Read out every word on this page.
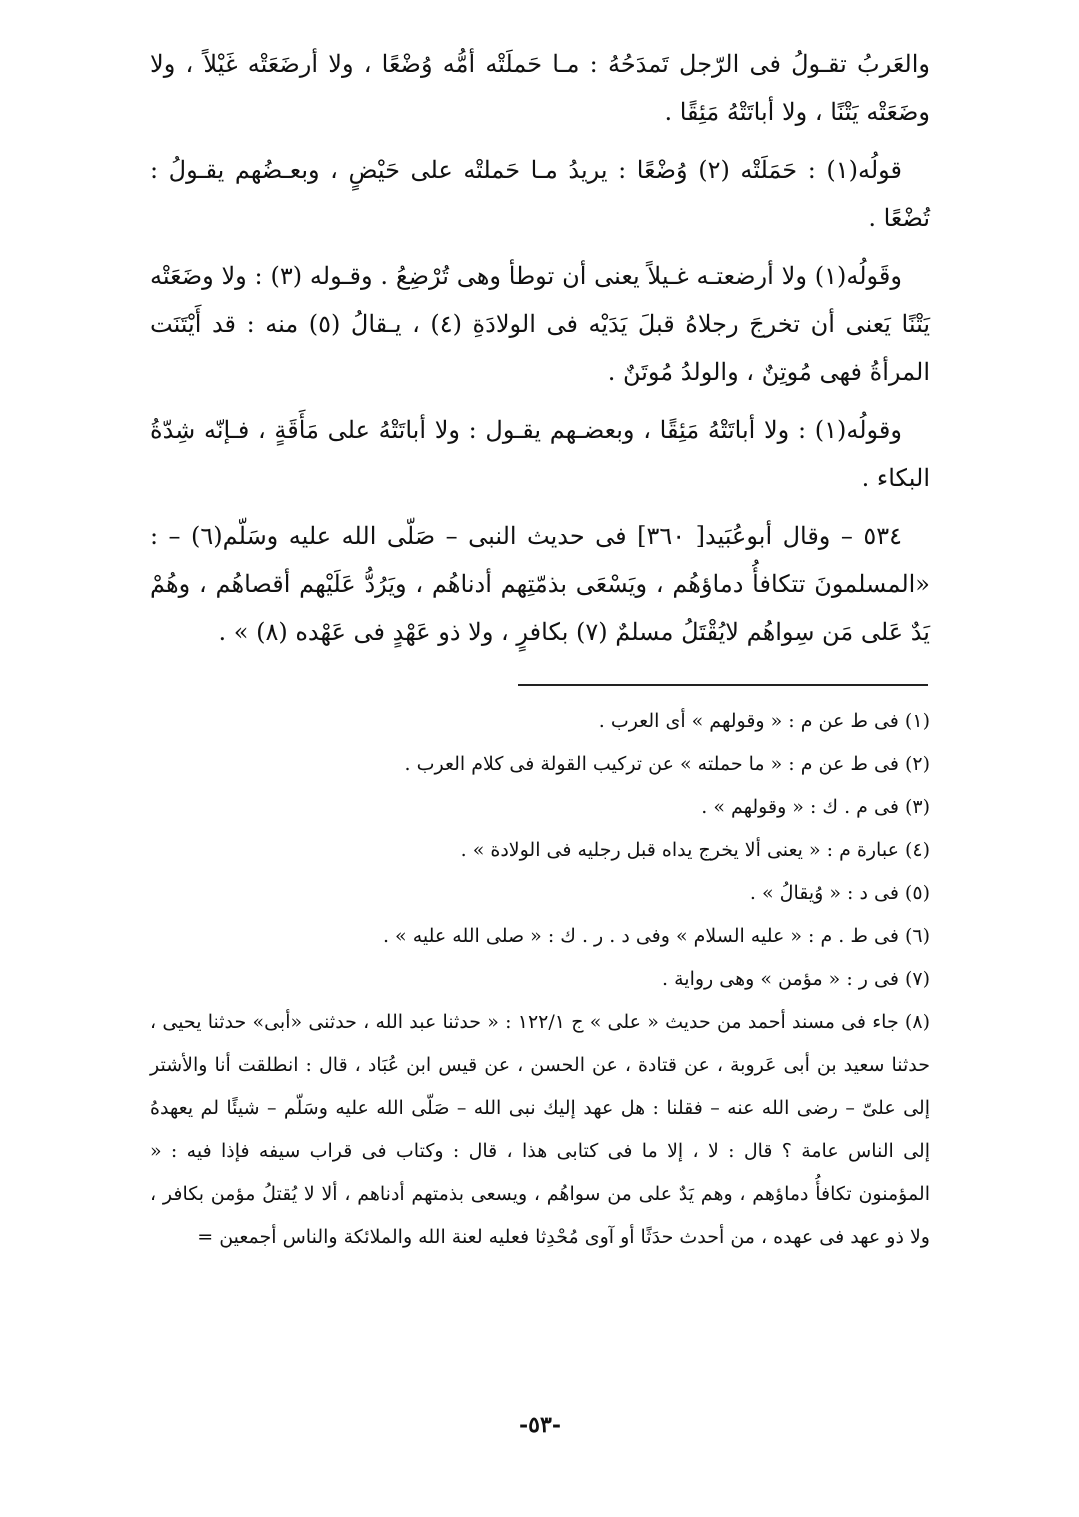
والعَربُ تقـولُ فى الرّجل تَمدَحُهُ : مـا حَملَتْه أمُّه وُضْعًا ، ولا أرضَعَتْه غَيْلاً ، ولا وضَعَتْه يَتْنًا ، ولا أباتَتْهُ مَئِقًا .

قولُه(١) : حَمَلَتْه (٢) وُضْعًا : يريدُ مـا حَملتْه على حَيْضٍ ، وبعـضُهم يقـولُ : تُضْعًا .

وقَولُه(١) ولا أرضعتـه غـيلاً يعنى أن توطأ وهى تُرْضِعُ . وقـوله (٣) : ولا وضَعَتْه يَتْنًا يَعنى أن تخرجَ رجلاهُ قبلَ يَدَيْه فى الولادَةِ (٤) ، يـقالُ (٥) منه : قد أَيْتَنَت المرأةُ فهى مُوتِنٌ ، والولدُ مُوتَنٌ .

وقولُه(١) : ولا أباتَتْهُ مَئِقًا ، وبعضـهم يقـول : ولا أباتَتْهُ على مَأَقَةٍ ، فـإنّه شِدّةُ البكاء .

٥٣٤ – وقال أبوعُبَيد[ ٣٦٠] فى حديث النبى – صَلّى الله عليه وسَلّم(٦) – : «المسلمونَ تتكافأُ دماؤهُم ، ويَسْعَى بذمّتِهم أدناهُم ، ويَرُدُّ عَلَيْهم أقصاهُم ، وهُمْ يَدٌ عَلى مَن سِواهُم لايُقْتَلُ مسلمٌ (٧) بكافرٍ ، ولا ذو عَهْدٍ فى عَهْده (٨) » .

(١) فى ط عن م : « وقولهم » أى العرب .

(٢) فى ط عن م : « ما حملته » عن تركيب القولة فى كلام العرب .

(٣) فى م . ك : « وقولهم » .

(٤) عبارة م : « يعنى ألا يخرج يداه قبل رجليه فى الولادة » .

(٥) فى د : « وُيقالُ » .

(٦) فى ط . م : « عليه السلام » وفى د . ر . ك : « صلى الله عليه » .

(٧) فى ر : « مؤمن » وهى رواية .

(٨) جاء فى مسند أحمد من حديث « على » ج ١٢٢/١ : « حدثنا عبد الله ، حدثنى «أبى» حدثنا يحيى ، حدثنا سعيد بن أبى عَروبة ، عن قتادة ، عن الحسن ، عن قيس ابن عُبَاد ، قال : انطلقت أنا والأشتر إلى علىّ – رضى الله عنه – فقلنا : هل عهد إليك نبى الله – صَلّى الله عليه وسَلّم – شيئًا لم يعهدهُ إلى الناس عامة ؟ قال : لا ، إلا ما فى كتابى هذا ، قال : وكتاب فى قراب سيفه فإذا فيه : « المؤمنون تكافأُ دماؤهم ، وهم يَدٌ على من سواهُم ، ويسعى بذمتهم أدناهم ، ألا لا يُقتلُ مؤمن بكافر ، ولا ذو عهد فى عهده ، من أحدث حدَثًا أو آوى مُحْدِثا فعليه لعنة الله والملائكة والناس أجمعين =

-٥٣-
